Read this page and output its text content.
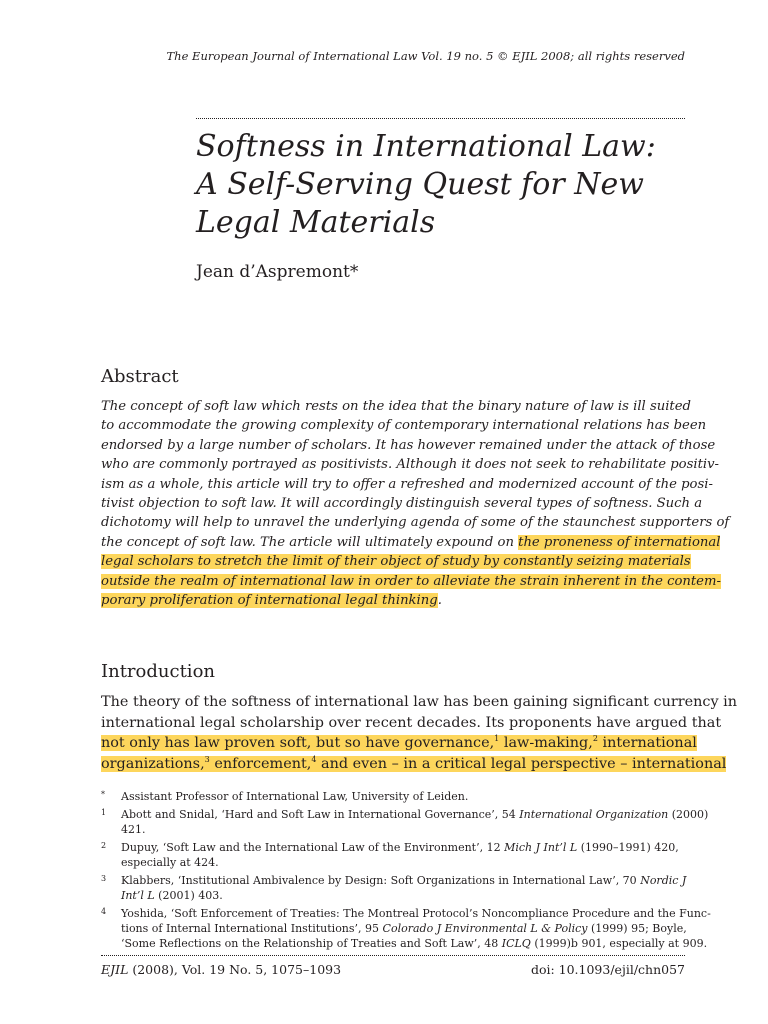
The European Journal of International Law Vol. 19 no. 5 © EJIL 2008; all rights reserved
Softness in International Law:
A Self-Serving Quest for New
Legal Materials
Jean d’Aspremont*
Abstract
The concept of soft law which rests on the idea that the binary nature of law is ill suited
to accommodate the growing complexity of contemporary international relations has been
endorsed by a large number of scholars. It has however remained under the attack of those
who are commonly portrayed as positivists. Although it does not seek to rehabilitate positiv-
ism as a whole, this article will try to offer a refreshed and modernized account of the posi-
tivist objection to soft law. It will accordingly distinguish several types of softness. Such a
dichotomy will help to unravel the underlying agenda of some of the staunchest supporters of
the concept of soft law. The article will ultimately expound on the proneness of international
legal scholars to stretch the limit of their object of study by constantly seizing materials
outside the realm of international law in order to alleviate the strain inherent in the contem-
porary proliferation of international legal thinking.
Introduction
The theory of the softness of international law has been gaining significant currency in
international legal scholarship over recent decades. Its proponents have argued that
not only has law proven soft, but so have governance,$^1$ law-making,$^2$ international
organizations,$^3$ enforcement,$^4$ and even – in a critical legal perspective – international
* Assistant Professor of International Law, University of Leiden.
1 Abott and Snidal, ‘Hard and Soft Law in International Governance’, 54 International Organization (2000)
421.
2 Dupuy, ‘Soft Law and the International Law of the Environment’, 12 Mich J Int’l L (1990–1991) 420,
especially at 424.
3 Klabbers, ‘Institutional Ambivalence by Design: Soft Organizations in International Law’, 70 Nordic J
Int’l L (2001) 403.
4 Yoshida, ‘Soft Enforcement of Treaties: The Montreal Protocol’s Noncompliance Procedure and the Func-
tions of Internal International Institutions’, 95 Colorado J Environmental L & Policy (1999) 95; Boyle,
‘Some Reflections on the Relationship of Treaties and Soft Law’, 48 ICLQ (1999)b 901, especially at 909.
EJIL (2008), Vol. 19 No. 5, 1075–1093	doi: 10.1093/ejil/chn057
